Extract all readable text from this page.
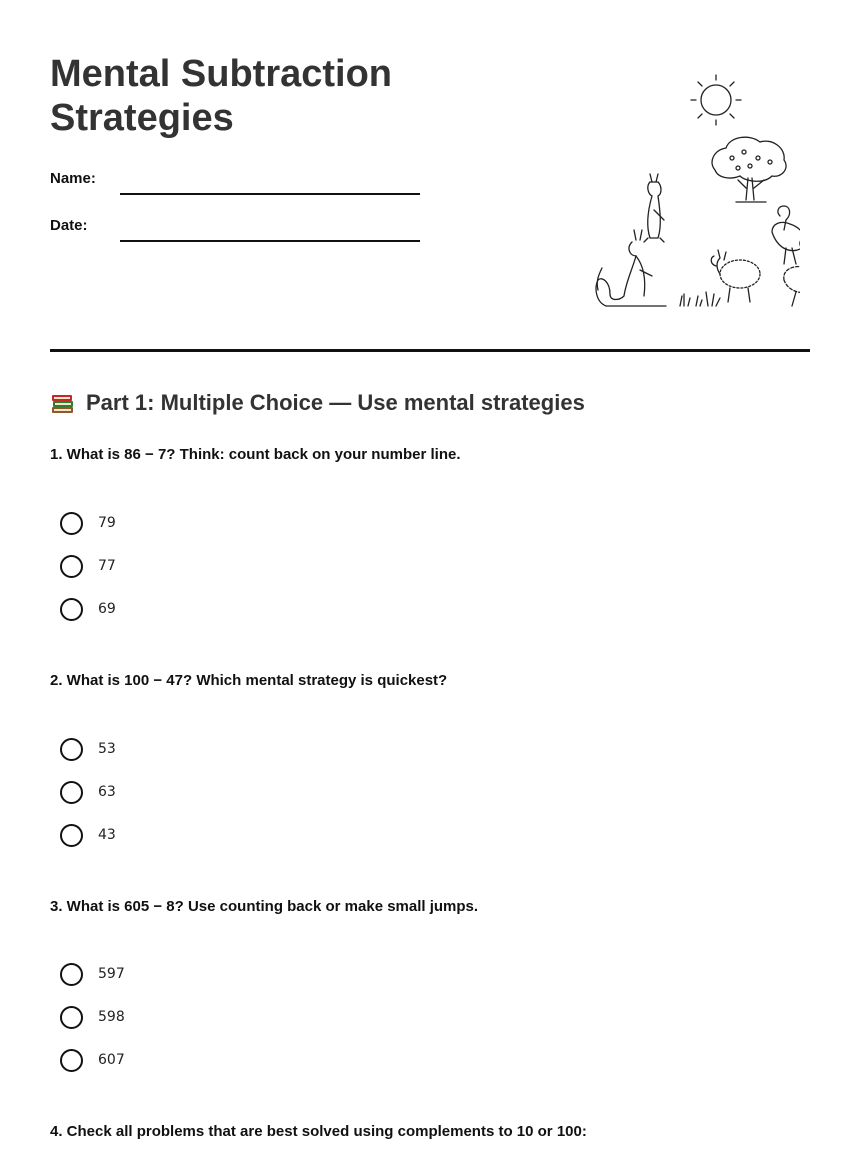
Mental Subtraction Strategies
Name:
Date:
Part 1: Multiple Choice — Use mental strategies
1. What is 86 − 7? Think: count back on your number line.
79
77
69
2. What is 100 − 47? Which mental strategy is quickest?
53
63
43
3. What is 605 − 8? Use counting back or make small jumps.
597
598
607
4. Check all problems that are best solved using complements to 10 or 100:
